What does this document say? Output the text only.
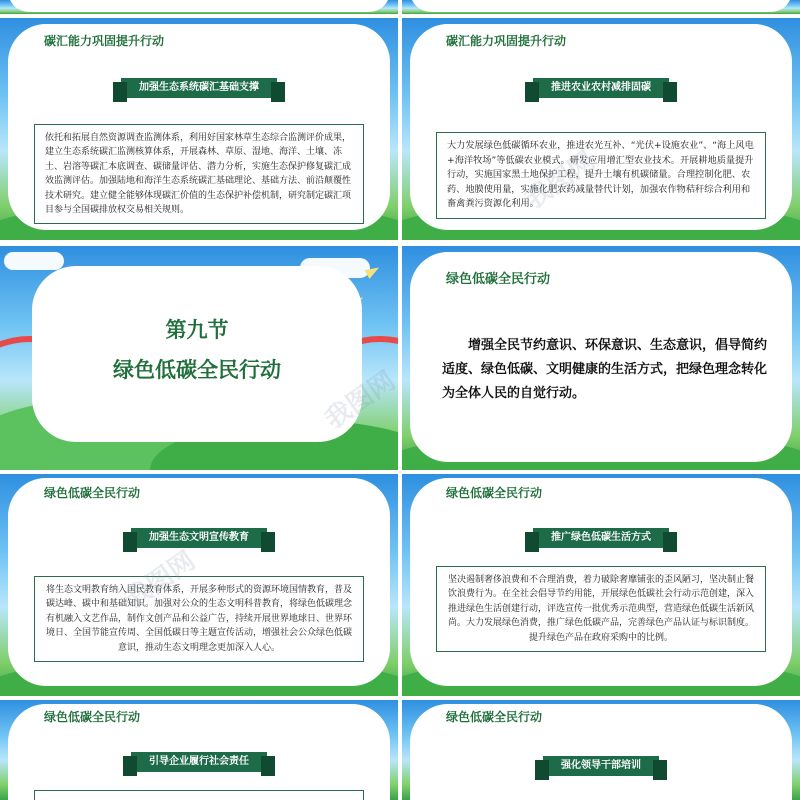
碳汇能力巩固提升行动
加强生态系统碳汇基础支撑
依托和拓展自然资源调查监测体系，利用好国家林草生态综合监测评价成果，建立生态系统碳汇监测核算体系，开展森林、草原、湿地、海洋、土壤、冻土、岩溶等碳汇本底调查、碳储量评估、潜力分析，实施生态保护修复碳汇成效监测评估。加强陆地和海洋生态系统碳汇基础理论、基础方法、前沿颠覆性技术研究。建立健全能够体现碳汇价值的生态保护补偿机制，研究制定碳汇项目参与全国碳排放权交易相关规则。
碳汇能力巩固提升行动
推进农业农村减排固碳
大力发展绿色低碳循环农业，推进农光互补、“光伏+设施农业”、“海上风电+海洋牧场”等低碳农业模式。研发应用增汇型农业技术。开展耕地质量提升行动，实施国家黑土地保护工程，提升土壤有机碳储量。合理控制化肥、农药、地膜使用量，实施化肥农药减量替代计划，加强农作物秸秆综合利用和畜禽粪污资源化利用。
第九节
绿色低碳全民行动
绿色低碳全民行动
增强全民节约意识、环保意识、生态意识，倡导简约适度、绿色低碳、文明健康的生活方式，把绿色理念转化为全体人民的自觉行动。
绿色低碳全民行动
加强生态文明宣传教育
将生态文明教育纳入国民教育体系，开展多种形式的资源环境国情教育，普及碳达峰、碳中和基础知识。加强对公众的生态文明科普教育，将绿色低碳理念有机融入文艺作品，制作文创产品和公益广告，持续开展世界地球日、世界环境日、全国节能宣传周、全国低碳日等主题宣传活动，增强社会公众绿色低碳意识，推动生态文明理念更加深入人心。
绿色低碳全民行动
推广绿色低碳生活方式
坚决遏制奢侈浪费和不合理消费，着力破除奢靡铺张的歪风陋习，坚决制止餐饮浪费行为。在全社会倡导节约用能，开展绿色低碳社会行动示范创建，深入推进绿色生活创建行动，评选宣传一批优秀示范典型，营造绿色低碳生活新风尚。大力发展绿色消费，推广绿色低碳产品，完善绿色产品认证与标识制度。提升绿色产品在政府采购中的比例。
绿色低碳全民行动
引导企业履行社会责任
绿色低碳全民行动
强化领导干部培训
